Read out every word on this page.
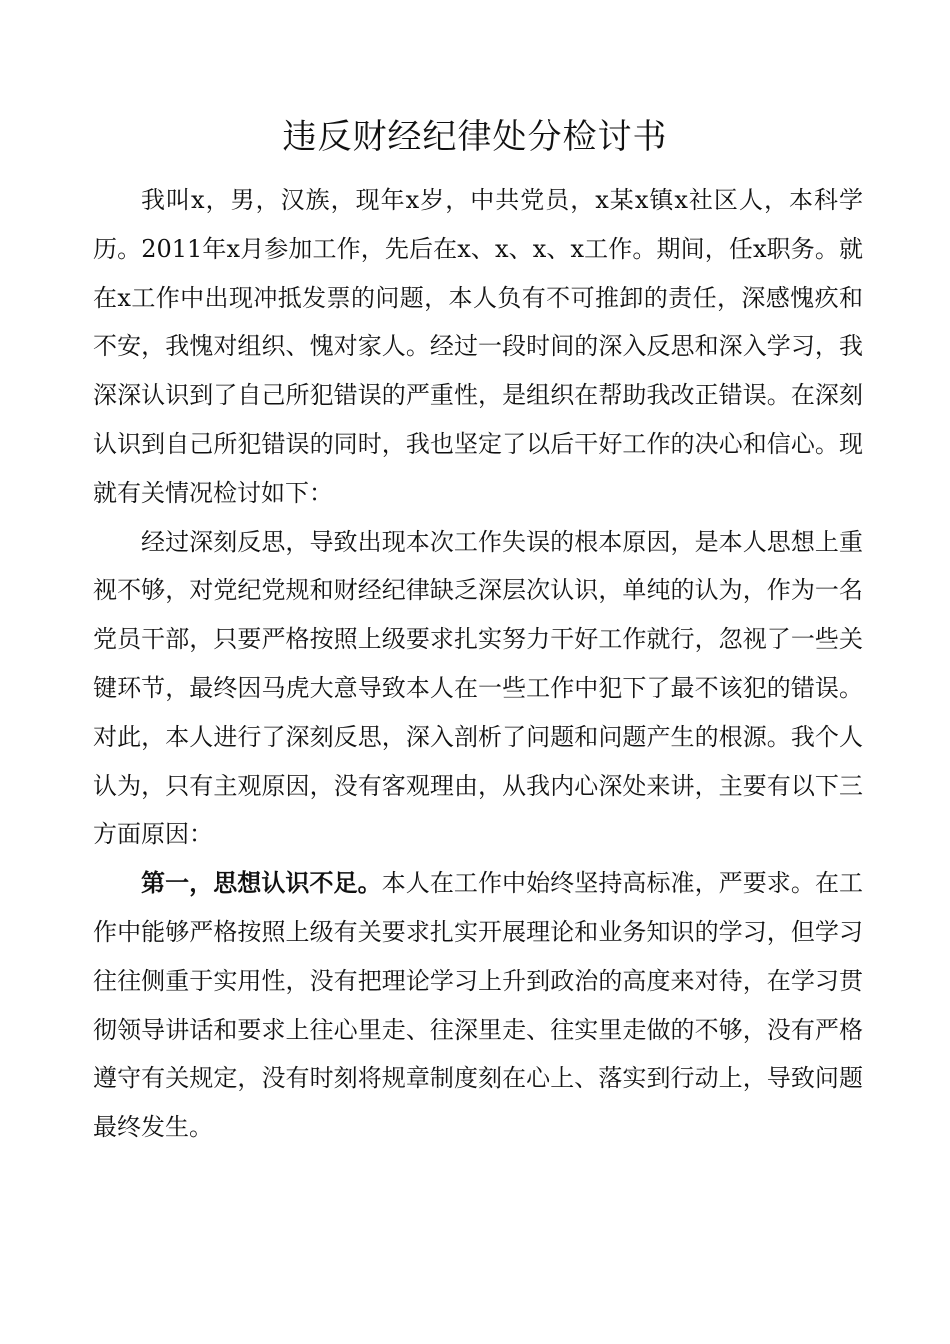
违反财经纪律处分检讨书

我叫x，男，汉族，现年x岁，中共党员，x某x镇x社区人，本科学历。2011年x月参加工作，先后在x、x、x、x工作。期间，任x职务。就在x工作中出现冲抵发票的问题，本人负有不可推卸的责任，深感愧疚和不安，我愧对组织、愧对家人。经过一段时间的深入反思和深入学习，我深深认识到了自己所犯错误的严重性，是组织在帮助我改正错误。在深刻认识到自己所犯错误的同时，我也坚定了以后干好工作的决心和信心。现就有关情况检讨如下：

经过深刻反思，导致出现本次工作失误的根本原因，是本人思想上重视不够，对党纪党规和财经纪律缺乏深层次认识，单纯的认为，作为一名党员干部，只要严格按照上级要求扎实努力干好工作就行，忽视了一些关键环节，最终因马虎大意导致本人在一些工作中犯下了最不该犯的错误。对此，本人进行了深刻反思，深入剖析了问题和问题产生的根源。我个人认为，只有主观原因，没有客观理由，从我内心深处来讲，主要有以下三方面原因：

第一，思想认识不足。本人在工作中始终坚持高标准，严要求。在工作中能够严格按照上级有关要求扎实开展理论和业务知识的学习，但学习往往侧重于实用性，没有把理论学习上升到政治的高度来对待，在学习贯彻领导讲话和要求上往心里走、往深里走、往实里走做的不够，没有严格遵守有关规定，没有时刻将规章制度刻在心上、落实到行动上，导致问题最终发生。
